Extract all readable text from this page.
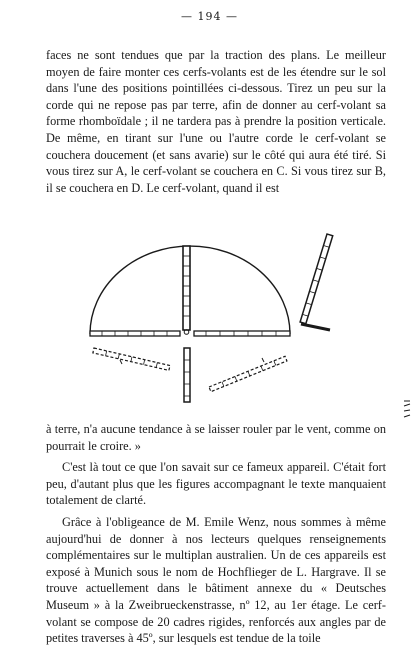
— 194 —

faces ne sont tendues que par la traction des plans. Le meilleur moyen de faire monter ces cerfs-volants est de les étendre sur le sol dans l'une des positions pointillées ci-dessous. Tirez un peu sur la corde qui ne repose pas par terre, afin de donner au cerf-volant sa forme rhomboïdale ; il ne tardera pas à prendre la position verticale. De même, en tirant sur l'une ou l'autre corde le cerf-volant se couchera doucement (et sans avarie) sur le côté qui aura été tiré. Si vous tirez sur A, le cerf-volant se couchera en C. Si vous tirez sur B, il se couchera en D. Le cerf-volant, quand il est

à terre, n'a aucune tendance à se laisser rouler par le vent, comme on pourrait le croire. »

C'est là tout ce que l'on savait sur ce fameux appareil. C'était fort peu, d'autant plus que les figures accompagnant le texte manquaient totalement de clarté.

Grâce à l'obligeance de M. Emile Wenz, nous sommes à même aujourd'hui de donner à nos lecteurs quelques renseignements complémentaires sur le multiplan australien. Un de ces appareils est exposé à Munich sous le nom de Hochflieger de L. Hargrave. Il se trouve actuellement dans le bâtiment annexe du « Deutsches Museum » à la Zweibrueckenstrasse, nº 12, au 1er étage. Le cerf-volant se compose de 20 cadres rigides, renforcés aux angles par de petites traverses à 45º, sur lesquels est tendue de la toile
